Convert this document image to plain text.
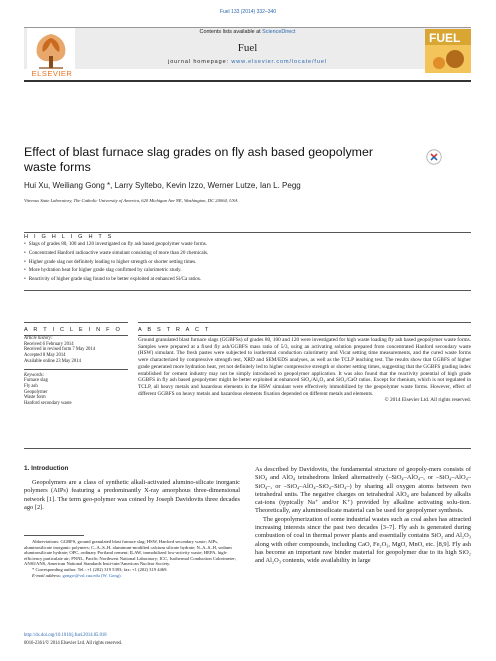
Fuel 133 (2014) 332–340
ELSEVIER
Contents lists available at ScienceDirect
Fuel
journal homepage: www.elsevier.com/locate/fuel
FUEL
Effect of blast furnace slag grades on fly ash based geopolymer waste forms
Hui Xu, Weiliang Gong *, Larry Syltebo, Kevin Izzo, Werner Lutze, Ian L. Pegg
Vitreous State Laboratory, The Catholic University of America, 620 Michigan Ave NE, Washington, DC 20064, USA
H I G H L I G H T S
• Slags of grades 80, 100 and 120 investigated on fly ash based geopolymer waste forms.
• Concentrated Hanford radioactive waste simulant consisting of more than 20 chemicals.
• Higher grade slag not definitely leading to higher strength or shorter setting times.
• More hydration heat for higher grade slag confirmed by calorimetric study.
• Reactivity of higher grade slag found to be better exploited at enhanced Si/Ca ratios.
A R T I C L E I N F O
Article history:
Received 6 February 2014
Received in revised form 7 May 2014
Accepted 8 May 2014
Available online 23 May 2014
Keywords:
Furnace slag
Fly ash
Geopolymer
Waste form
Hanford secondary waste
A B S T R A C T
Ground granulated blast furnace slags (GGBFSs) of grades 80, 100 and 120 were investigated for high waste loading fly ash based geopolymer waste forms. Samples were prepared at a fixed fly ash/GGBFS mass ratio of 5/3, using an activating solution prepared from concentrated Hanford secondary waste (HSW) simulant. The fresh pastes were subjected to isothermal conduction calorimetry and Vicat setting time measurements, and the cured waste forms were characterized by compressive strength test, XRD and SEM/EDS analyses, as well as the TCLP leaching test. The results show that GGBFS of higher grade generated more hydration heat, yet not definitely led to higher compressive strength or shorter setting times, suggesting that the GGBFS grading index established for cement industry may not be simply introduced to geopolymer application. It was also found that the reactivity potential of high grade GGBFS in fly ash based geopolymer might be better exploited at enhanced SiO₂/Al₂O₃ and SiO₂/CaO ratios. Except for rhenium, which is not regulated in TCLP, all heavy metals and hazardous elements in the HSW simulant were effectively immobilized by the geopolymer waste forms. However, effect of different GGBFS on heavy metals and hazardous elements fixation depended on different metals and elements.
© 2014 Elsevier Ltd. All rights reserved.
1. Introduction

Geopolymers are a class of synthetic alkali-activated alumino-silicate inorganic polymers (AIPs) featuring a predominantly X-ray amorphous three-dimensional network [1]. The term geo-polymer was coined by Joseph Davidovits three decades ago [2].

Abbreviations: GGBFS, ground granulated blast furnace slag; HSW, Hanford secondary waste; AIPs, aluminosilicate inorganic polymers; C–A–S–H, aluminum-modified calcium silicate hydrate; N–A–S–H, sodium aluminosilicate hydrate; OPC, ordinary Portland cement; ILAW, immobilized low-activity waste; HEPA, high-efficiency particulate air; PNNL, Pacific Northwest National Laboratory; ICC, Isothermal Conduction Calorimeter; ANSI/ANS, American National Standards Insti-tute/American Nuclear Society.
* Corresponding author. Tel.: +1 (202) 319 5393; fax: +1 (202) 319 4469.
E-mail address: gongw@vsl.cua.edu (W. Gong).

As described by Davidovits, the fundamental structure of geopoly-mers consists of SiO₄ and AlO₄ tetrahedrons linked alternatively (–SiO₄–AlO₄–, or –SiO₄–AlO₄–SiO₄–, or –SiO₄–AlO₄–SiO₄–SiO₄–) by sharing all oxygen atoms between two tetrahedral units. The negative charges on tetrahedral AlO₄ are balanced by alkalis cat-ions (typically Na⁺ and/or K⁺) provided by alkaline activating solu-tion. Theoretically, any aluminosilicate material can be used for geopolymer synthesis.

The geopolymerization of some industrial wastes such as coal ashes has attracted increasing interests since the past two decades [3–7]. Fly ash is generated during combustion of coal in thermal power plants and essentially contains SiO₂ and Al₂O₃ along with other compounds, including CaO, Fe₂O₃, MgO, MnO, etc. [8,9]. Fly ash has become an important raw binder material for geopolymer due to its high SiO₂ and Al₂O₃ contents, wide availability in large

http://dx.doi.org/10.1016/j.fuel.2014.05.018
0016-2361/© 2014 Elsevier Ltd. All rights reserved.
